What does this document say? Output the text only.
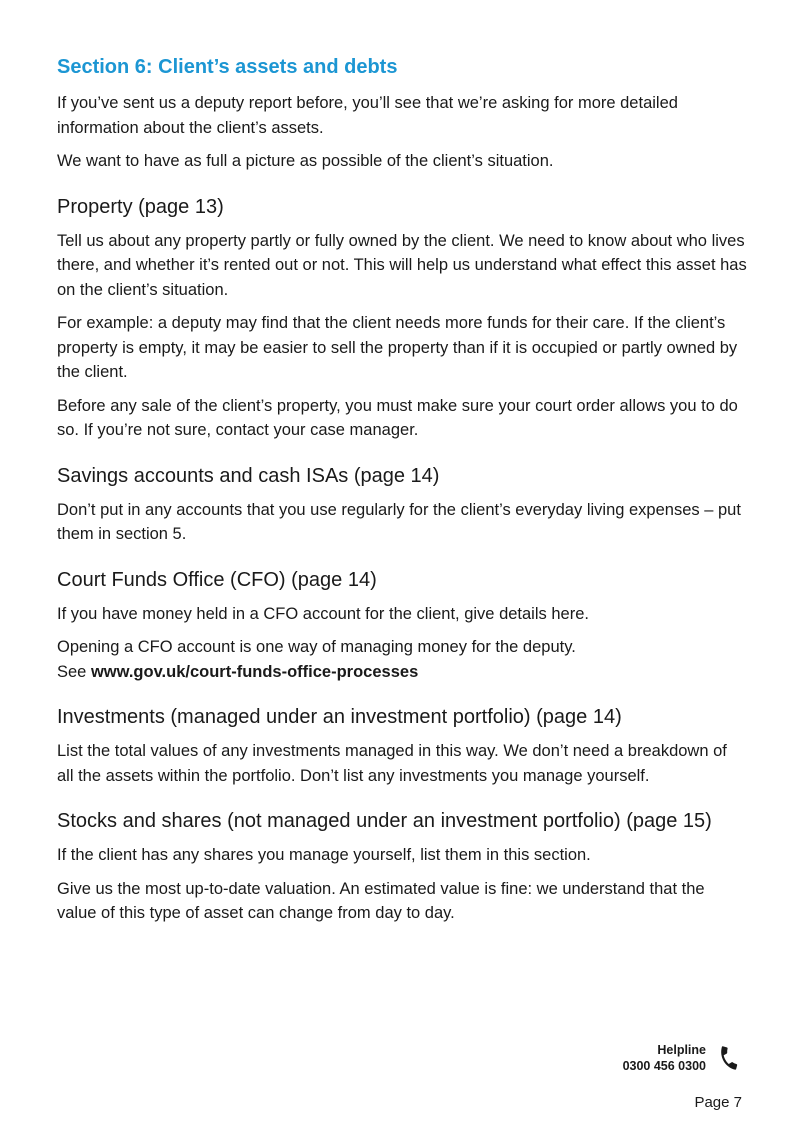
Section 6: Client’s assets and debts

If you’ve sent us a deputy report before, you’ll see that we’re asking for more detailed information about the client’s assets.

We want to have as full a picture as possible of the client’s situation.

Property (page 13)

Tell us about any property partly or fully owned by the client. We need to know about who lives there, and whether it’s rented out or not. This will help us understand what effect this asset has on the client’s situation.

For example: a deputy may find that the client needs more funds for their care. If the client’s property is empty, it may be easier to sell the property than if it is occupied or partly owned by the client.

Before any sale of the client’s property, you must make sure your court order allows you to do so. If you’re not sure, contact your case manager.

Savings accounts and cash ISAs (page 14)

Don’t put in any accounts that you use regularly for the client’s everyday living expenses – put them in section 5.

Court Funds Office (CFO) (page 14)

If you have money held in a CFO account for the client, give details here.

Opening a CFO account is one way of managing money for the deputy.
See www.gov.uk/court-funds-office-processes

Investments (managed under an investment portfolio) (page 14)

List the total values of any investments managed in this way. We don’t need a breakdown of all the assets within the portfolio. Don’t list any investments you manage yourself.

Stocks and shares (not managed under an investment portfolio) (page 15)

If the client has any shares you manage yourself, list them in this section.

Give us the most up-to-date valuation. An estimated value is fine: we understand that the value of this type of asset can change from day to day.

Helpline
0300 456 0300
Page 7
